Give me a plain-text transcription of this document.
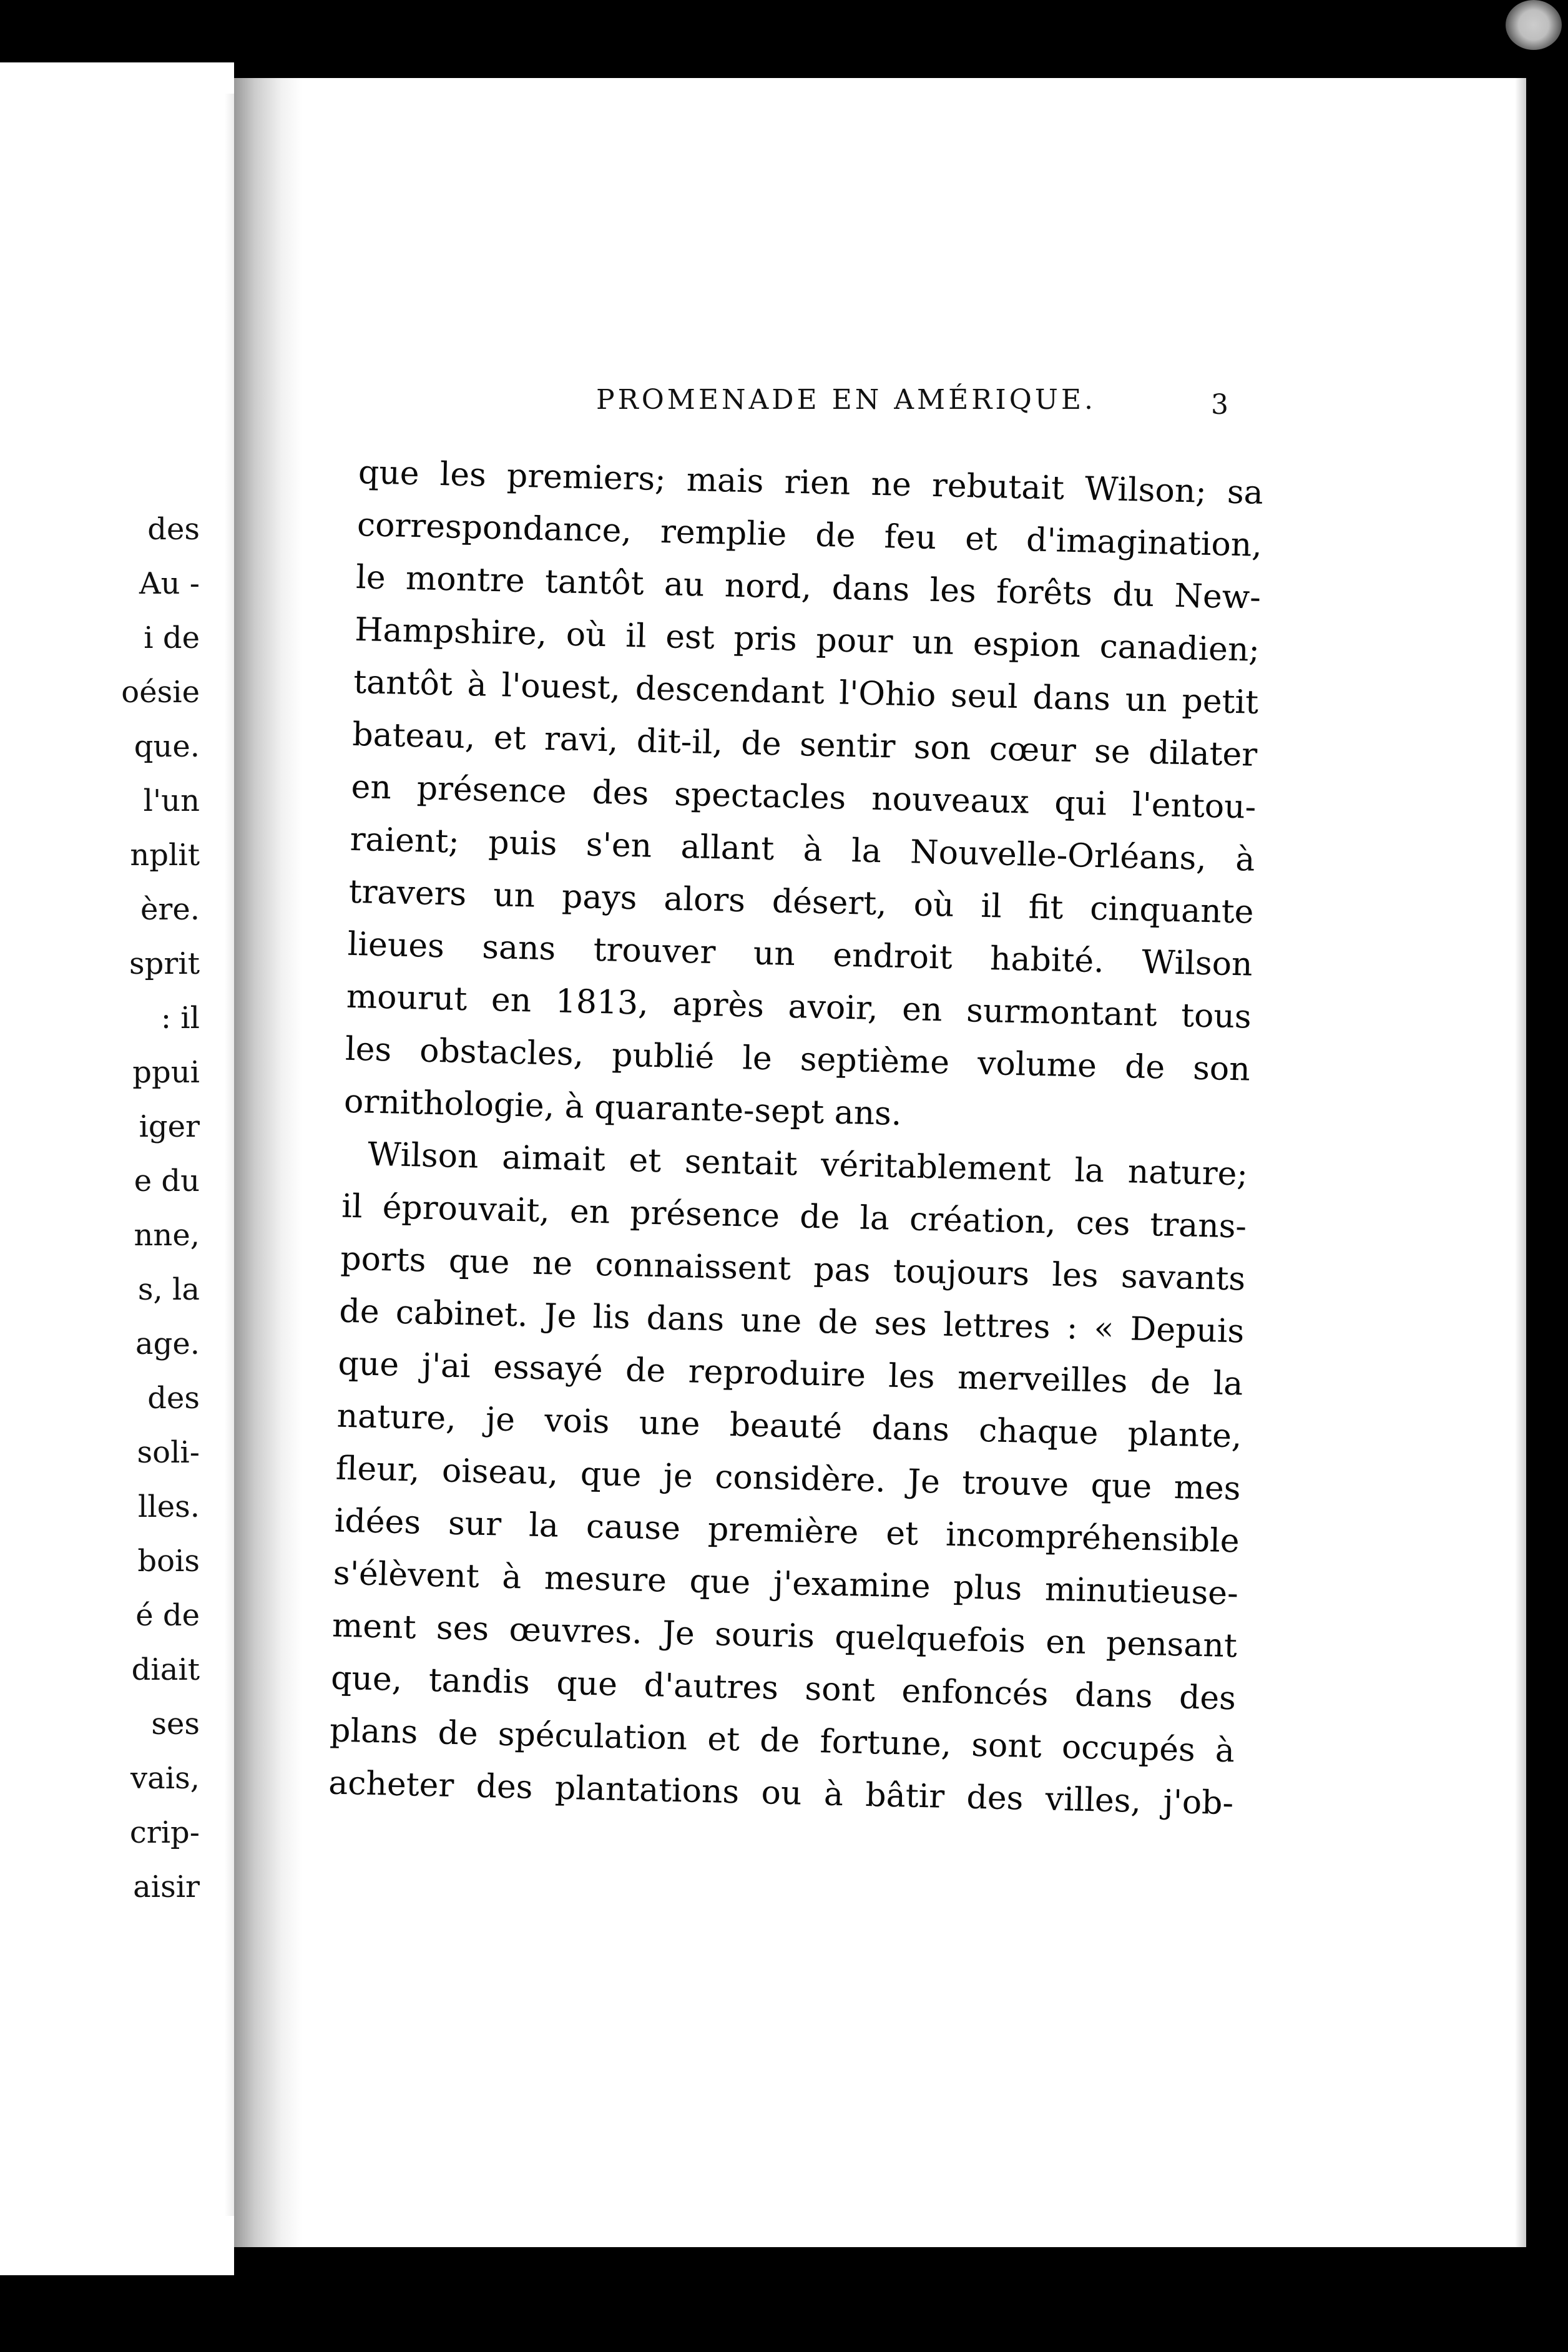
des
Au -
i de
oésie
que.
l'un
nplit
ère.
sprit
: il
ppui
iger
e du
nne,
s, la
age.
des
soli-
lles.
bois
é de
diait
ses
vais,
crip-
aisir
PROMENADE EN AMÉRIQUE.	3
que les premiers; mais rien ne rebutait Wilson; sa
correspondance, remplie de feu et d'imagination,
le montre tantôt au nord, dans les forêts du New-
Hampshire, où il est pris pour un espion canadien;
tantôt à l'ouest, descendant l'Ohio seul dans un petit
bateau, et ravi, dit-il, de sentir son cœur se dilater
en présence des spectacles nouveaux qui l'entou-
raient; puis s'en allant à la Nouvelle-Orléans, à
travers un pays alors désert, où il fit cinquante
lieues sans trouver un endroit habité. Wilson
mourut en 1813, après avoir, en surmontant tous
les obstacles, publié le septième volume de son
ornithologie, à quarante-sept ans.
Wilson aimait et sentait véritablement la nature;
il éprouvait, en présence de la création, ces trans-
ports que ne connaissent pas toujours les savants
de cabinet. Je lis dans une de ses lettres : « Depuis
que j'ai essayé de reproduire les merveilles de la
nature, je vois une beauté dans chaque plante,
fleur, oiseau, que je considère. Je trouve que mes
idées sur la cause première et incompréhensible
s'élèvent à mesure que j'examine plus minutieuse-
ment ses œuvres. Je souris quelquefois en pensant
que, tandis que d'autres sont enfoncés dans des
plans de spéculation et de fortune, sont occupés à
acheter des plantations ou à bâtir des villes, j'ob-
